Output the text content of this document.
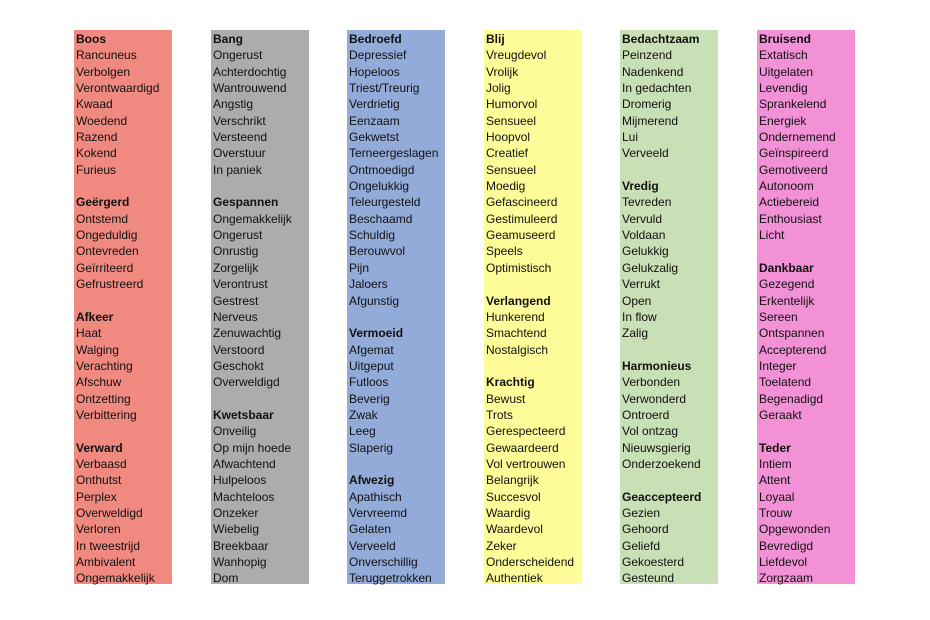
Boos
Rancuneus
Verbolgen
Verontwaardigd
Kwaad
Woedend
Razend
Kokend
Furieus
Geërgerd
Ontstemd
Ongeduldig
Ontevreden
Geïrriteerd
Gefrustreerd
Afkeer
Haat
Walging
Verachting
Afschuw
Ontzetting
Verbittering
Verward
Verbaasd
Onthutst
Perplex
Overweldigd
Verloren
In tweestrijd
Ambivalent
Ongemakkelijk
Bang
Ongerust
Achterdochtig
Wantrouwend
Angstig
Verschrikt
Versteend
Overstuur
In paniek
Gespannen
Ongemakkelijk
Ongerust
Onrustig
Zorgelijk
Verontrust
Gestrest
Nerveus
Zenuwachtig
Verstoord
Geschokt
Overweldigd
Kwetsbaar
Onveilig
Op mijn hoede
Afwachtend
Hulpeloos
Machteloos
Onzeker
Wiebelig
Breekbaar
Wanhopig
Dom
Bedroefd
Depressief
Hopeloos
Triest/Treurig
Verdrietig
Eenzaam
Gekwetst
Terneergeslagen
Ontmoedigd
Ongelukkig
Teleurgesteld
Beschaamd
Schuldig
Berouwvol
Pijn
Jaloers
Afgunstig
Vermoeid
Afgemat
Uitgeput
Futloos
Beverig
Zwak
Leeg
Slaperig
Afwezig
Apathisch
Vervreemd
Gelaten
Verveeld
Onverschillig
Teruggetrokken
Blij
Vreugdevol
Vrolijk
Jolig
Humorvol
Sensueel
Hoopvol
Creatief
Sensueel
Moedig
Gefascineerd
Gestimuleerd
Geamuseerd
Speels
Optimistisch
Verlangend
Hunkerend
Smachtend
Nostalgisch
Krachtig
Bewust
Trots
Gerespecteerd
Gewaardeerd
Vol vertrouwen
Belangrijk
Succesvol
Waardig
Waardevol
Zeker
Onderscheidend
Authentiek
Bedachtzaam
Peinzend
Nadenkend
In gedachten
Dromerig
Mijmerend
Lui
Verveeld
Vredig
Tevreden
Vervuld
Voldaan
Gelukkig
Gelukzalig
Verrukt
Open
In flow
Zalig
Harmonieus
Verbonden
Verwonderd
Ontroerd
Vol ontzag
Nieuwsgierig
Onderzoekend
Geaccepteerd
Gezien
Gehoord
Geliefd
Gekoesterd
Gesteund
Bruisend
Extatisch
Uitgelaten
Levendig
Sprankelend
Energiek
Ondernemend
Geïnspireerd
Gemotiveerd
Autonoom
Actiebereid
Enthousiast
Licht
Dankbaar
Gezegend
Erkentelijk
Sereen
Ontspannen
Accepterend
Integer
Toelatend
Begenadigd
Geraakt
Teder
Intiem
Attent
Loyaal
Trouw
Opgewonden
Bevredigd
Liefdevol
Zorgzaam
